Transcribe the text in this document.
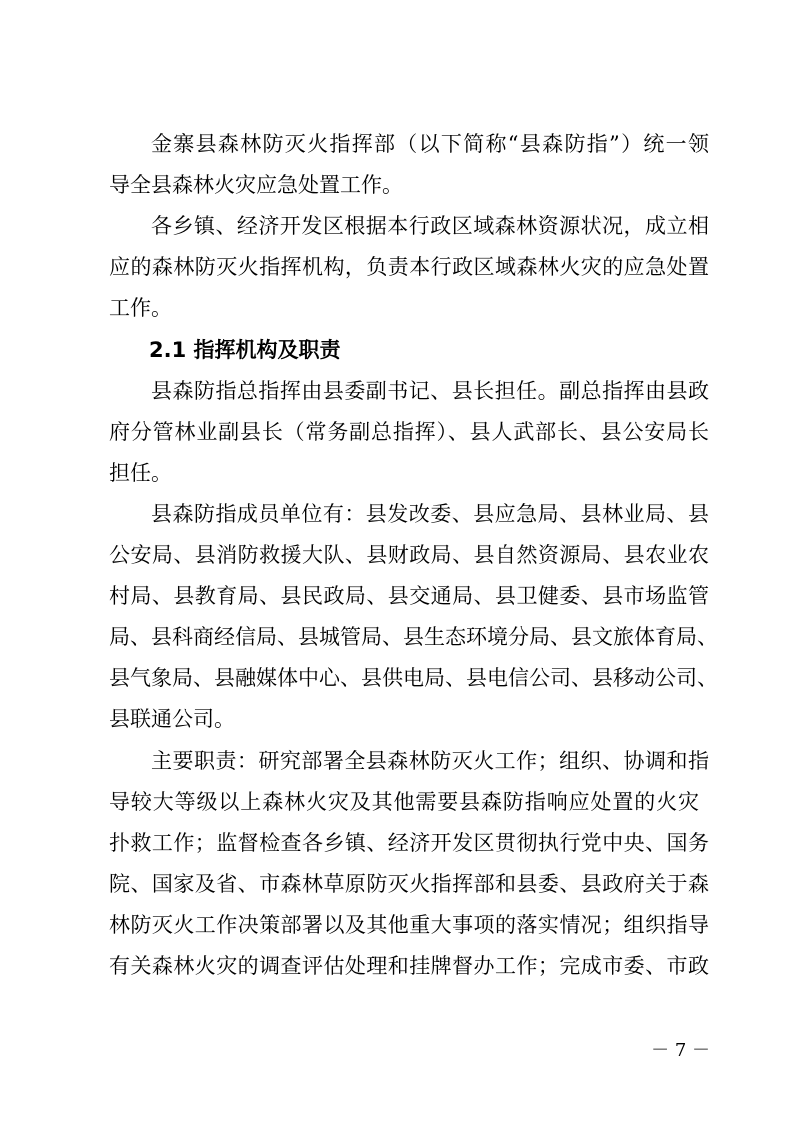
金寨县森林防灭火指挥部（以下简称“县森防指”）统一领
导全县森林火灾应急处置工作。
各乡镇、经济开发区根据本行政区域森林资源状况，成立相
应的森林防灭火指挥机构，负责本行政区域森林火灾的应急处置
工作。
2.1 指挥机构及职责
县森防指总指挥由县委副书记、县长担任。副总指挥由县政
府分管林业副县长（常务副总指挥）、县人武部长、县公安局长
担任。
县森防指成员单位有：县发改委、县应急局、县林业局、县
公安局、县消防救援大队、县财政局、县自然资源局、县农业农
村局、县教育局、县民政局、县交通局、县卫健委、县市场监管
局、县科商经信局、县城管局、县生态环境分局、县文旅体育局、
县气象局、县融媒体中心、县供电局、县电信公司、县移动公司、
县联通公司。
主要职责：研究部署全县森林防灭火工作；组织、协调和指
导较大等级以上森林火灾及其他需要县森防指响应处置的火灾
扑救工作；监督检查各乡镇、经济开发区贯彻执行党中央、国务
院、国家及省、市森林草原防灭火指挥部和县委、县政府关于森
林防灭火工作决策部署以及其他重大事项的落实情况；组织指导
有关森林火灾的调查评估处理和挂牌督办工作；完成市委、市政
－ 7 －
